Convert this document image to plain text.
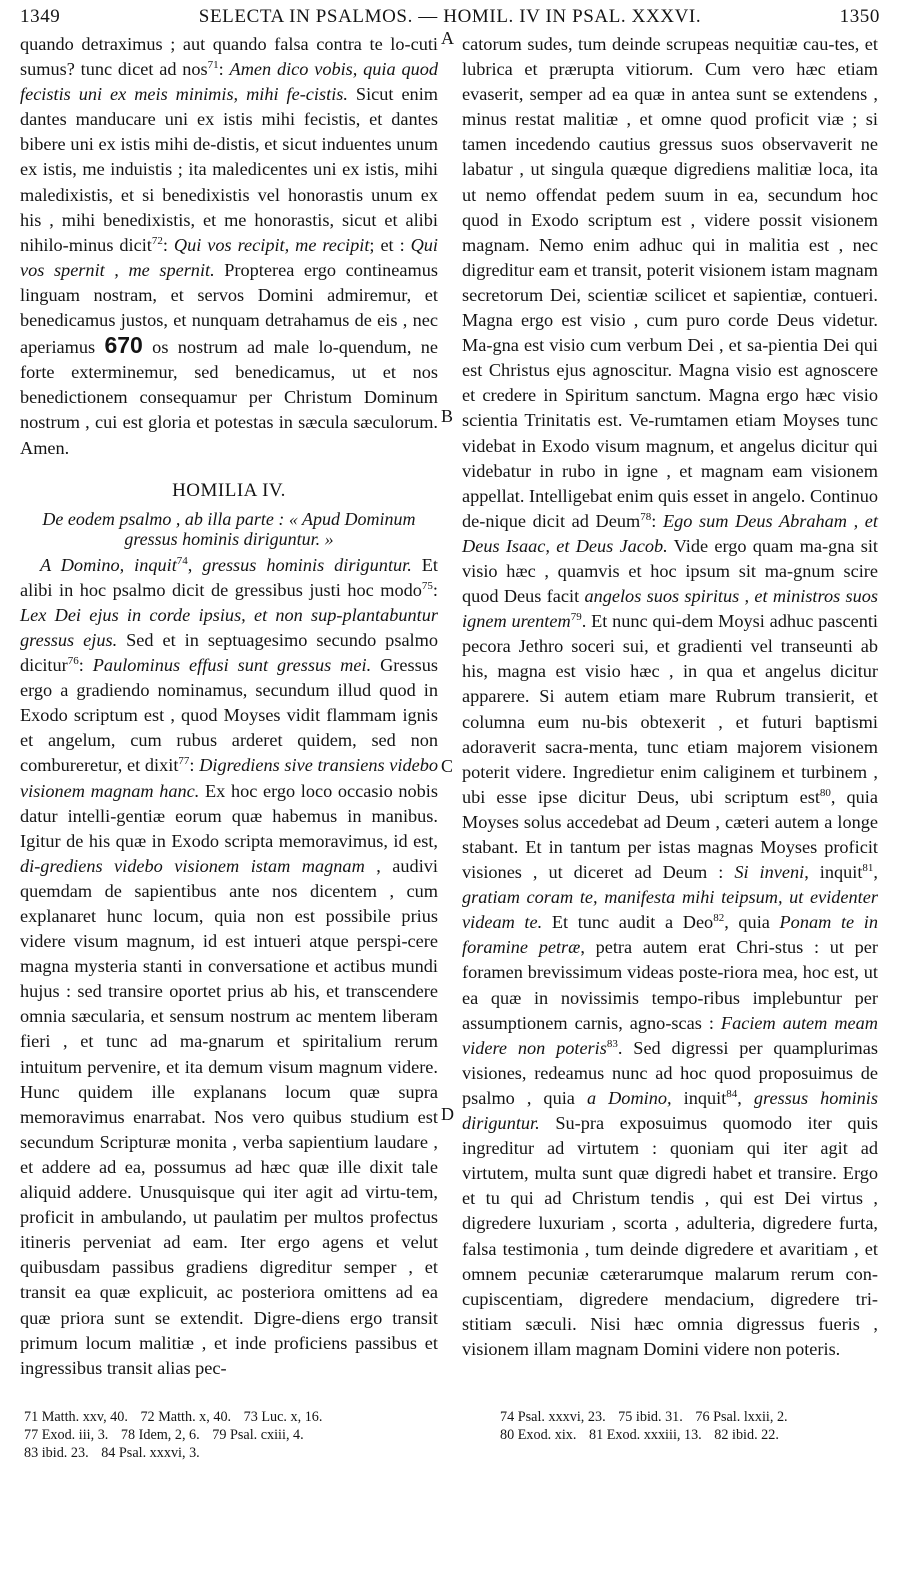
1349	SELECTA IN PSALMOS. — HOMIL. IV IN PSAL. XXXVI.	1350
A
B
C
D

quando detraximus ; aut quando falsa contra te lo-cuti sumus? tunc dicet ad nos$^{71}$: Amen dico vobis, quia quod fecistis uni ex meis minimis, mihi fe-cistis. Sicut enim dantes manducare uni ex istis mihi fecistis, et dantes bibere uni ex istis mihi de-distis, et sicut induentes unum ex istis, me induistis ; ita maledicentes uni ex istis, mihi maledixistis, et si benedixistis vel honorastis unum ex his , mihi benedixistis, et me honorastis, sicut et alibi nihilo-minus dicit$^{72}$: Qui vos recipit, me recipit; et : Qui vos spernit , me spernit. Propterea ergo contineamus linguam nostram, et servos Domini admiremur, et benedicamus justos, et nunquam detrahamus de eis , nec aperiamus 670 os nostrum ad male lo-quendum, ne forte exterminemur, sed benedicamus, ut et nos benedictionem consequamur per Christum Dominum nostrum , cui est gloria et potestas in sæcula sæculorum. Amen.

HOMILIA IV.

De eodem psalmo , ab illa parte : « Apud Dominum gressus hominis diriguntur. »

A Domino, inquit$^{74}$, gressus hominis diriguntur. Et alibi in hoc psalmo dicit de gressibus justi hoc modo$^{75}$: Lex Dei ejus in corde ipsius, et non sup-plantabuntur gressus ejus. Sed et in septuagesimo secundo psalmo dicitur$^{76}$: Paulominus effusi sunt gressus mei. Gressus ergo a gradiendo nominamus, secundum illud quod in Exodo scriptum est , quod Moyses vidit flammam ignis et angelum, cum rubus arderet quidem, sed non combureretur, et dixit$^{77}$: Digrediens sive transiens videbo visionem magnam hanc. Ex hoc ergo loco occasio nobis datur intelli-gentiæ eorum quæ habemus in manibus. Igitur de his quæ in Exodo scripta memoravimus, id est, di-grediens videbo visionem istam magnam , audivi quemdam de sapientibus ante nos dicentem , cum explanaret hunc locum, quia non est possibile prius videre visum magnum, id est intueri atque perspi-cere magna mysteria stanti in conversatione et actibus mundi hujus : sed transire oportet prius ab his, et transcendere omnia sæcularia, et sensum nostrum ac mentem liberam fieri , et tunc ad ma-gnarum et spiritalium rerum intuitum pervenire, et ita demum visum magnum videre. Hunc quidem ille explanans locum quæ supra memoravimus enarrabat. Nos vero quibus studium est secundum Scripturæ monita , verba sapientium laudare , et addere ad ea, possumus ad hæc quæ ille dixit tale aliquid addere. Unusquisque qui iter agit ad virtu-tem, proficit in ambulando, ut paulatim per multos profectus itineris perveniat ad eam. Iter ergo agens et velut quibusdam passibus gradiens digreditur semper , et transit ea quæ explicuit, ac posteriora omittens ad ea quæ priora sunt se extendit. Digre-diens ergo transit primum locum malitiæ , et inde proficiens passibus et ingressibus transit alias pec-

catorum sudes, tum deinde scrupeas nequitiæ cau-tes, et lubrica et prærupta vitiorum. Cum vero hæc etiam evaserit, semper ad ea quæ in antea sunt se extendens , minus restat malitiæ , et omne quod proficit viæ ; si tamen incedendo cautius gressus suos observaverit ne labatur , ut singula quæque digrediens malitiæ loca, ita ut nemo offendat pedem suum in ea, secundum hoc quod in Exodo scriptum est , videre possit visionem magnam. Nemo enim adhuc qui in malitia est , nec digreditur eam et transit, poterit visionem istam magnam secretorum Dei, scientiæ scilicet et sapientiæ, contueri. Magna ergo est visio , cum puro corde Deus videtur. Ma-gna est visio cum verbum Dei , et sa-pientia Dei qui est Christus ejus agnoscitur. Magna visio est agnoscere et credere in Spiritum sanctum. Magna ergo hæc visio scientia Trinitatis est. Ve-rumtamen etiam Moyses tunc videbat in Exodo visum magnum, et angelus dicitur qui videbatur in rubo in igne , et magnam eam visionem appellat. Intelligebat enim quis esset in angelo. Continuo de-nique dicit ad Deum$^{78}$: Ego sum Deus Abraham , et Deus Isaac, et Deus Jacob. Vide ergo quam ma-gna sit visio hæc , quamvis et hoc ipsum sit ma-gnum scire quod Deus facit angelos suos spiritus , et ministros suos ignem urentem$^{79}$. Et nunc qui-dem Moysi adhuc pascenti pecora Jethro soceri sui, et gradienti vel transeunti ab his, magna est visio hæc , in qua et angelus dicitur apparere. Si autem etiam mare Rubrum transierit, et columna eum nu-bis obtexerit , et futuri baptismi adoraverit sacra-menta, tunc etiam majorem visionem poterit videre. Ingredietur enim caliginem et turbinem , ubi esse ipse dicitur Deus, ubi scriptum est$^{80}$, quia Moyses solus accedebat ad Deum , cæteri autem a longe stabant. Et in tantum per istas magnas Moyses proficit visiones , ut diceret ad Deum : Si inveni, inquit$^{81}$, gratiam coram te, manifesta mihi teipsum, ut evidenter videam te. Et tunc audit a Deo$^{82}$, quia Ponam te in foramine petræ, petra autem erat Chri-stus : ut per foramen brevissimum videas poste-riora mea, hoc est, ut ea quæ in novissimis tempo-ribus implebuntur per assumptionem carnis, agno-scas : Faciem autem meam videre non poteris$^{83}$. Sed digressi per quamplurimas visiones, redeamus nunc ad hoc quod proposuimus de psalmo , quia a Domino, inquit$^{84}$, gressus hominis diriguntur. Su-pra exposuimus quomodo iter quis ingreditur ad virtutem : quoniam qui iter agit ad virtutem, multa sunt quæ digredi habet et transire. Ergo et tu qui ad Christum tendis , qui est Dei virtus , digredere luxuriam , scorta , adulteria, digredere furta, falsa testimonia , tum deinde digredere et avaritiam , et omnem pecuniæ cæterarumque malarum rerum con-cupiscentiam, digredere mendacium, digredere tri-stitiam sæculi. Nisi hæc omnia digressus fueris , visionem illam magnam Domini videre non poteris.

71 Matth. xxv, 40. 72 Matth. x, 40. 73 Luc. x, 16.
77 Exod. iii, 3. 78 Idem, 2, 6. 79 Psal. cxiii, 4.
83 ibid. 23. 84 Psal. xxxvi, 3.
74 Psal. xxxvi, 23. 75 ibid. 31. 76 Psal. lxxii, 2.
80 Exod. xix. 81 Exod. xxxiii, 13. 82 ibid. 22.
